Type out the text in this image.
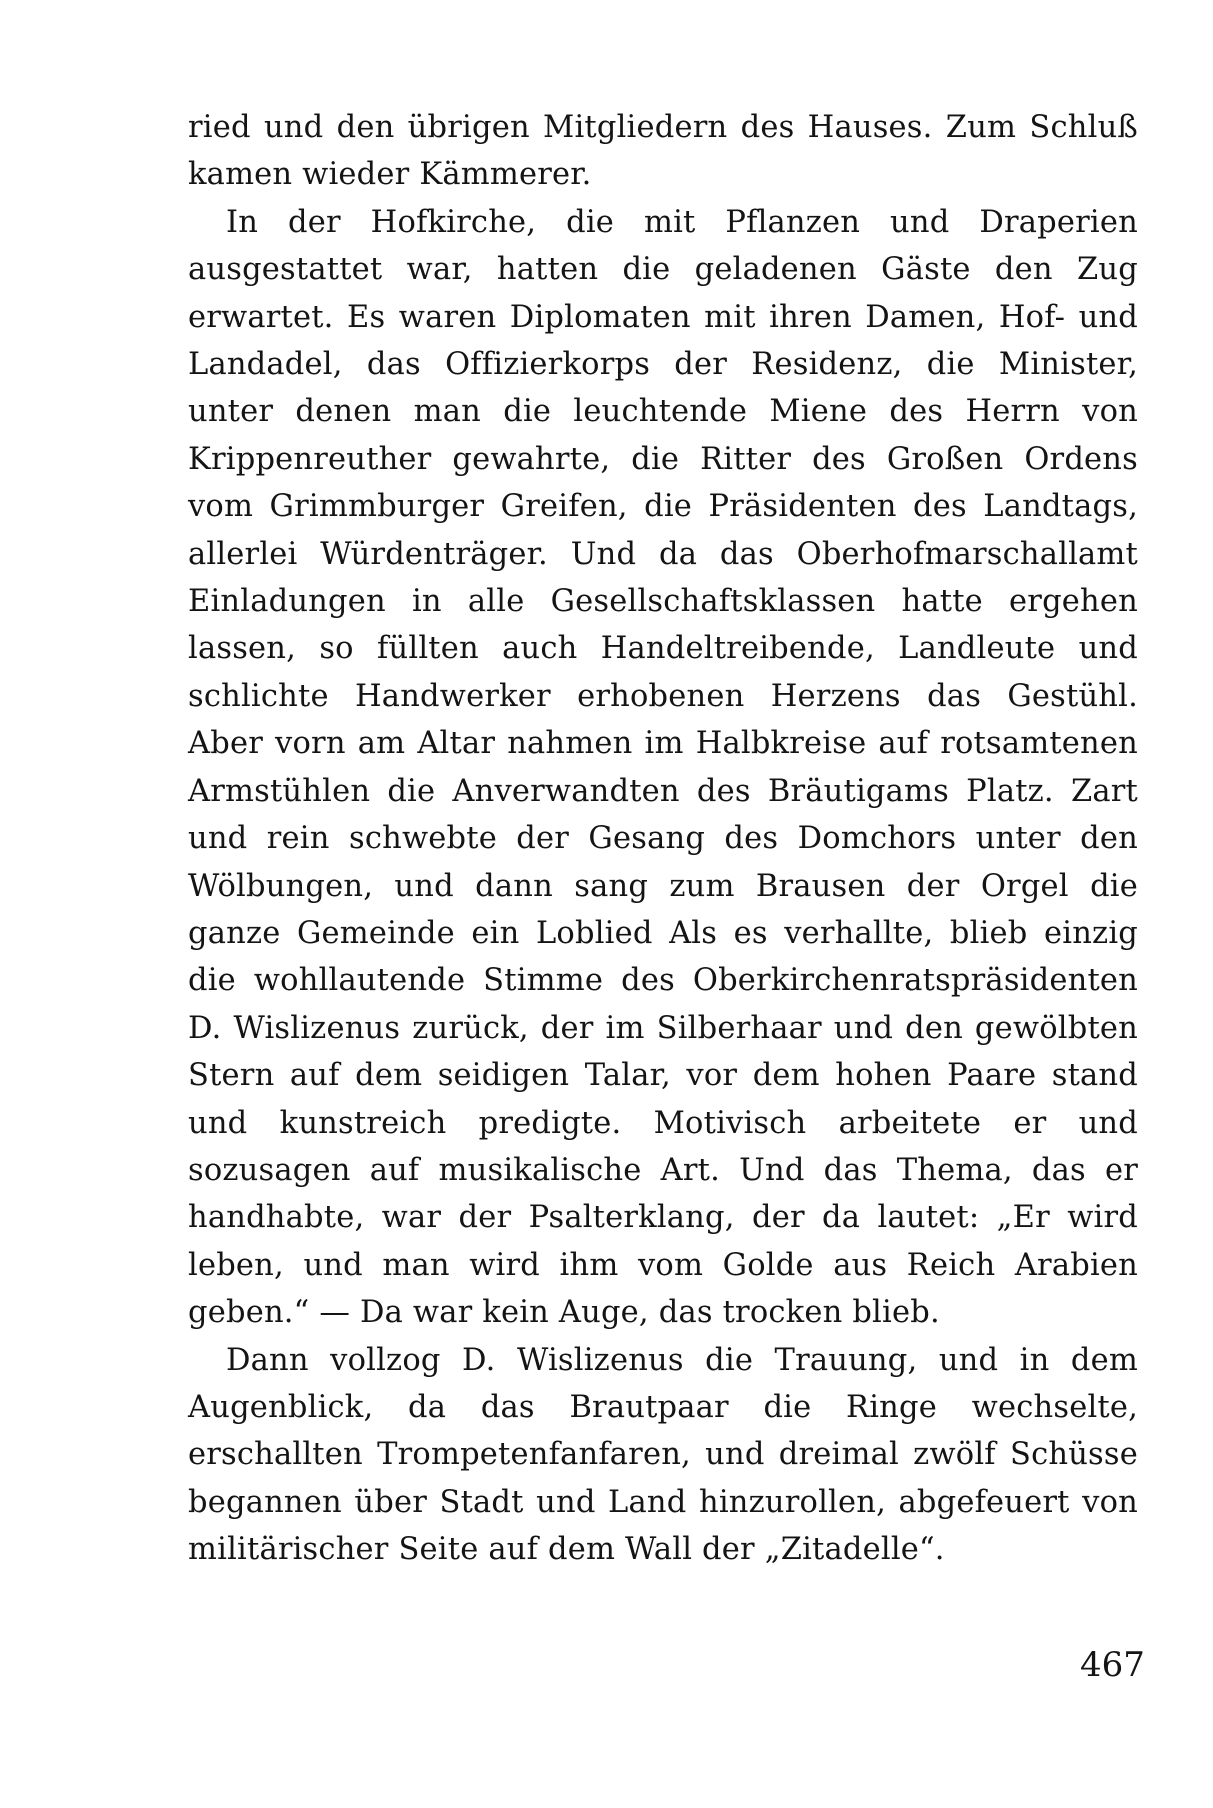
ried und den übrigen Mitgliedern des Hauses. Zum Schluß kamen wieder Kämmerer.

In der Hofkirche, die mit Pflanzen und Draperien ausgestattet war, hatten die geladenen Gäste den Zug erwartet. Es waren Diplomaten mit ihren Damen, Hof- und Landadel, das Offizierkorps der Residenz, die Minister, unter denen man die leuchtende Miene des Herrn von Krippenreuther gewahrte, die Ritter des Großen Ordens vom Grimmburger Greifen, die Präsidenten des Landtags, allerlei Würdenträger. Und da das Oberhofmarschallamt Einladungen in alle Gesellschaftsklassen hatte ergehen lassen, so füllten auch Handeltreibende, Landleute und schlichte Handwerker erhobenen Herzens das Gestühl. Aber vorn am Altar nahmen im Halbkreise auf rotsamtenen Armstühlen die Anverwandten des Bräutigams Platz. Zart und rein schwebte der Gesang des Domchors unter den Wölbungen, und dann sang zum Brausen der Orgel die ganze Gemeinde ein Loblied Als es verhallte, blieb einzig die wohllautende Stimme des Oberkirchenratspräsidenten D. Wislizenus zurück, der im Silberhaar und den gewölbten Stern auf dem seidigen Talar, vor dem hohen Paare stand und kunstreich predigte. Motivisch arbeitete er und sozusagen auf musikalische Art. Und das Thema, das er handhabte, war der Psalterklang, der da lautet: „Er wird leben, und man wird ihm vom Golde aus Reich Arabien geben.“ — Da war kein Auge, das trocken blieb.

Dann vollzog D. Wislizenus die Trauung, und in dem Augenblick, da das Brautpaar die Ringe wechselte, erschallten Trompetenfanfaren, und dreimal zwölf Schüsse begannen über Stadt und Land hinzurollen, abgefeuert von militärischer Seite auf dem Wall der „Zitadelle“.

467
